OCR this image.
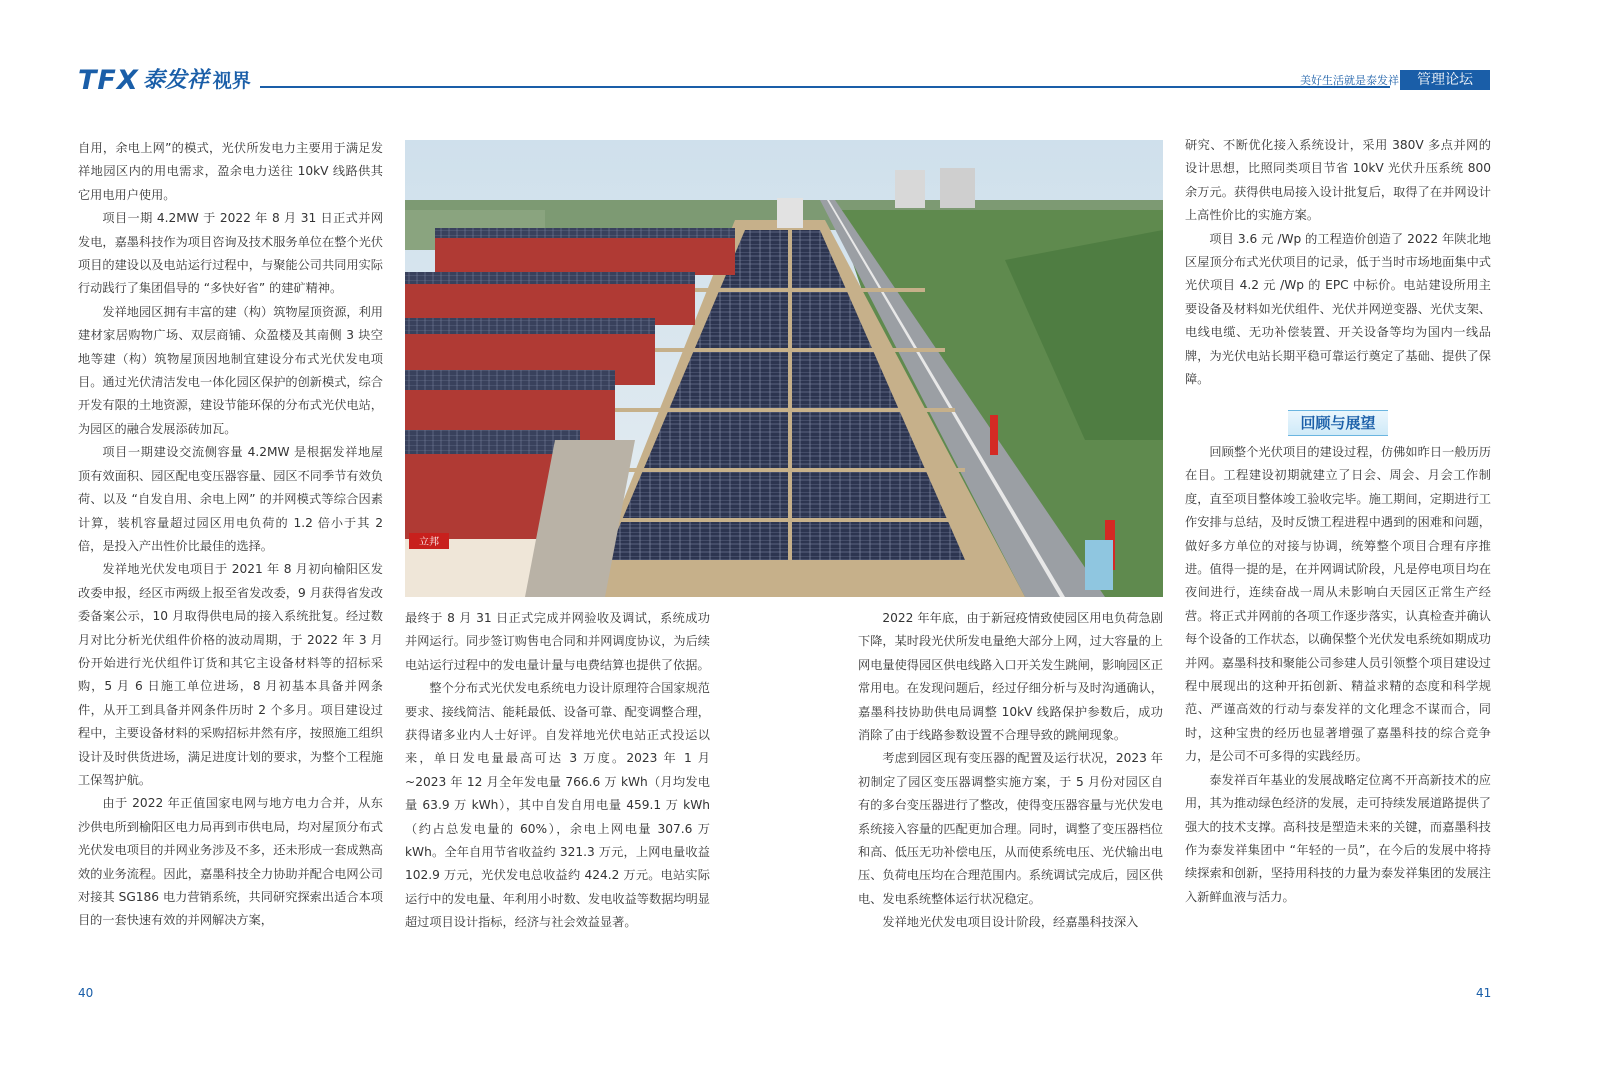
TFX 泰发祥 视界	美好生活就是泰发祥	管理论坛

自用，余电上网”的模式，光伏所发电力主要用于满足发祥地园区内的用电需求，盈余电力送往 10kV 线路供其它用电用户使用。

项目一期 4.2MW 于 2022 年 8 月 31 日正式并网发电，嘉墨科技作为项目咨询及技术服务单位在整个光伏项目的建设以及电站运行过程中，与聚能公司共同用实际行动践行了集团倡导的 “多快好省” 的建矿精神。

发祥地园区拥有丰富的建（构）筑物屋顶资源，利用建材家居购物广场、双层商铺、众盈楼及其南侧 3 块空地等建（构）筑物屋顶因地制宜建设分布式光伏发电项目。通过光伏清洁发电一体化园区保护的创新模式，综合开发有限的土地资源，建设节能环保的分布式光伏电站，为园区的融合发展添砖加瓦。

项目一期建设交流侧容量 4.2MW 是根据发祥地屋顶有效面积、园区配电变压器容量、园区不同季节有效负荷、以及 “自发自用、余电上网” 的并网模式等综合因素计算，装机容量超过园区用电负荷的 1.2 倍小于其 2 倍，是投入产出性价比最佳的选择。

发祥地光伏发电项目于 2021 年 8 月初向榆阳区发改委申报，经区市两级上报至省发改委，9 月获得省发改委备案公示，10 月取得供电局的接入系统批复。经过数月对比分析光伏组件价格的波动周期，于 2022 年 3 月份开始进行光伏组件订货和其它主设备材料等的招标采购，5 月 6 日施工单位进场，8 月初基本具备并网条件，从开工到具备并网条件历时 2 个多月。项目建设过程中，主要设备材料的采购招标井然有序，按照施工组织设计及时供货进场，满足进度计划的要求，为整个工程施工保驾护航。

由于 2022 年正值国家电网与地方电力合并，从东沙供电所到榆阳区电力局再到市供电局，均对屋顶分布式光伏发电项目的并网业务涉及不多，还未形成一套成熟高效的业务流程。因此，嘉墨科技全力协助并配合电网公司对接其 SG186 电力营销系统，共同研究探索出适合本项目的一套快速有效的并网解决方案，

立邦

最终于 8 月 31 日正式完成并网验收及调试，系统成功并网运行。同步签订购售电合同和并网调度协议，为后续电站运行过程中的发电量计量与电费结算也提供了依据。

整个分布式光伏发电系统电力设计原理符合国家规范要求、接线简洁、能耗最低、设备可靠、配变调整合理，获得诸多业内人士好评。自发祥地光伏电站正式投运以来，单日发电量最高可达 3 万度。2023 年 1 月 ~2023 年 12 月全年发电量 766.6 万 kWh（月均发电量 63.9 万 kWh），其中自发自用电量 459.1 万 kWh（约占总发电量的 60%），余电上网电量 307.6 万 kWh。全年自用节省收益约 321.3 万元，上网电量收益 102.9 万元，光伏发电总收益约 424.2 万元。电站实际运行中的发电量、年利用小时数、发电收益等数据均明显超过项目设计指标，经济与社会效益显著。

2022 年年底，由于新冠疫情致使园区用电负荷急剧下降，某时段光伏所发电量绝大部分上网，过大容量的上网电量使得园区供电线路入口开关发生跳闸，影响园区正常用电。在发现问题后，经过仔细分析与及时沟通确认，嘉墨科技协助供电局调整 10kV 线路保护参数后，成功消除了由于线路参数设置不合理导致的跳闸现象。

考虑到园区现有变压器的配置及运行状况，2023 年初制定了园区变压器调整实施方案，于 5 月份对园区自有的多台变压器进行了整改，使得变压器容量与光伏发电系统接入容量的匹配更加合理。同时，调整了变压器档位和高、低压无功补偿电压，从而使系统电压、光伏输出电压、负荷电压均在合理范围内。系统调试完成后，园区供电、发电系统整体运行状况稳定。

发祥地光伏发电项目设计阶段，经嘉墨科技深入

研究、不断优化接入系统设计，采用 380V 多点并网的设计思想，比照同类项目节省 10kV 光伏升压系统 800 余万元。获得供电局接入设计批复后，取得了在并网设计上高性价比的实施方案。

项目 3.6 元 /Wp 的工程造价创造了 2022 年陕北地区屋顶分布式光伏项目的记录，低于当时市场地面集中式光伏项目 4.2 元 /Wp 的 EPC 中标价。电站建设所用主要设备及材料如光伏组件、光伏并网逆变器、光伏支架、电线电缆、无功补偿装置、开关设备等均为国内一线品牌，为光伏电站长期平稳可靠运行奠定了基础、提供了保障。

回顾与展望

回顾整个光伏项目的建设过程，仿佛如昨日一般历历在目。工程建设初期就建立了日会、周会、月会工作制度，直至项目整体竣工验收完毕。施工期间，定期进行工作安排与总结，及时反馈工程进程中遇到的困难和问题，做好多方单位的对接与协调，统筹整个项目合理有序推进。值得一提的是，在并网调试阶段，凡是停电项目均在夜间进行，连续奋战一周从未影响白天园区正常生产经营。将正式并网前的各项工作逐步落实，认真检查并确认每个设备的工作状态，以确保整个光伏发电系统如期成功并网。嘉墨科技和聚能公司参建人员引领整个项目建设过程中展现出的这种开拓创新、精益求精的态度和科学规范、严谨高效的行动与泰发祥的文化理念不谋而合，同时，这种宝贵的经历也显著增强了嘉墨科技的综合竞争力，是公司不可多得的实践经历。

泰发祥百年基业的发展战略定位离不开高新技术的应用，其为推动绿色经济的发展，走可持续发展道路提供了强大的技术支撑。高科技是塑造未来的关键，而嘉墨科技作为泰发祥集团中 “年轻的一员”，在今后的发展中将持续探索和创新，坚持用科技的力量为泰发祥集团的发展注入新鲜血液与活力。

40	41
